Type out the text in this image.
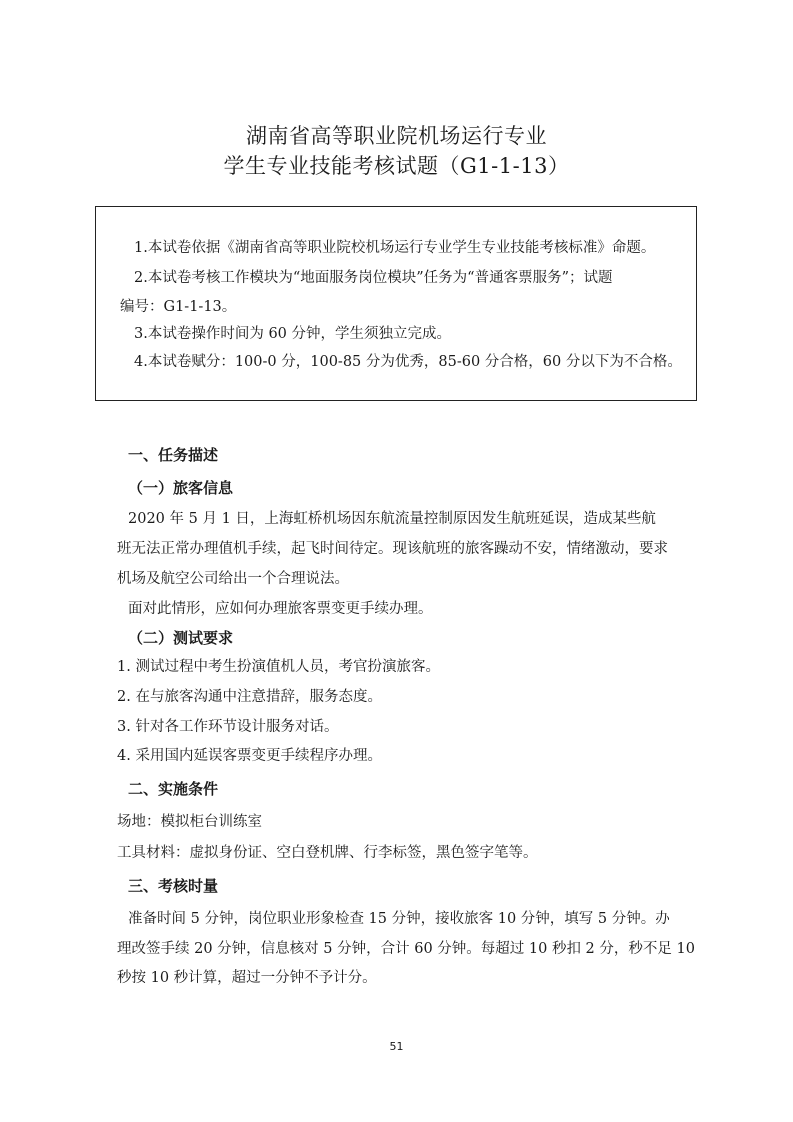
湖南省高等职业院机场运行专业
学生专业技能考核试题（G1-1-13）
1.本试卷依据《湖南省高等职业院校机场运行专业学生专业技能考核标准》命题。
2.本试卷考核工作模块为“地面服务岗位模块”任务为“普通客票服务”；试题
编号：G1-1-13。
3.本试卷操作时间为 60 分钟，学生须独立完成。
4.本试卷赋分：100-0 分，100-85 分为优秀，85-60 分合格，60 分以下为不合格。
一、任务描述
（一）旅客信息
2020 年 5 月 1 日，上海虹桥机场因东航流量控制原因发生航班延误，造成某些航
班无法正常办理值机手续，起飞时间待定。现该航班的旅客躁动不安，情绪激动，要求
机场及航空公司给出一个合理说法。
面对此情形，应如何办理旅客票变更手续办理。
（二）测试要求
1. 测试过程中考生扮演值机人员，考官扮演旅客。
2. 在与旅客沟通中注意措辞，服务态度。
3. 针对各工作环节设计服务对话。
4. 采用国内延误客票变更手续程序办理。
二、实施条件
场地：模拟柜台训练室
工具材料：虚拟身份证、空白登机牌、行李标签，黑色签字笔等。
三、考核时量
准备时间 5 分钟，岗位职业形象检查 15 分钟，接收旅客 10 分钟，填写 5 分钟。办
理改签手续 20 分钟，信息核对 5 分钟，合计 60 分钟。每超过 10 秒扣 2 分，秒不足 10
秒按 10 秒计算，超过一分钟不予计分。
51
